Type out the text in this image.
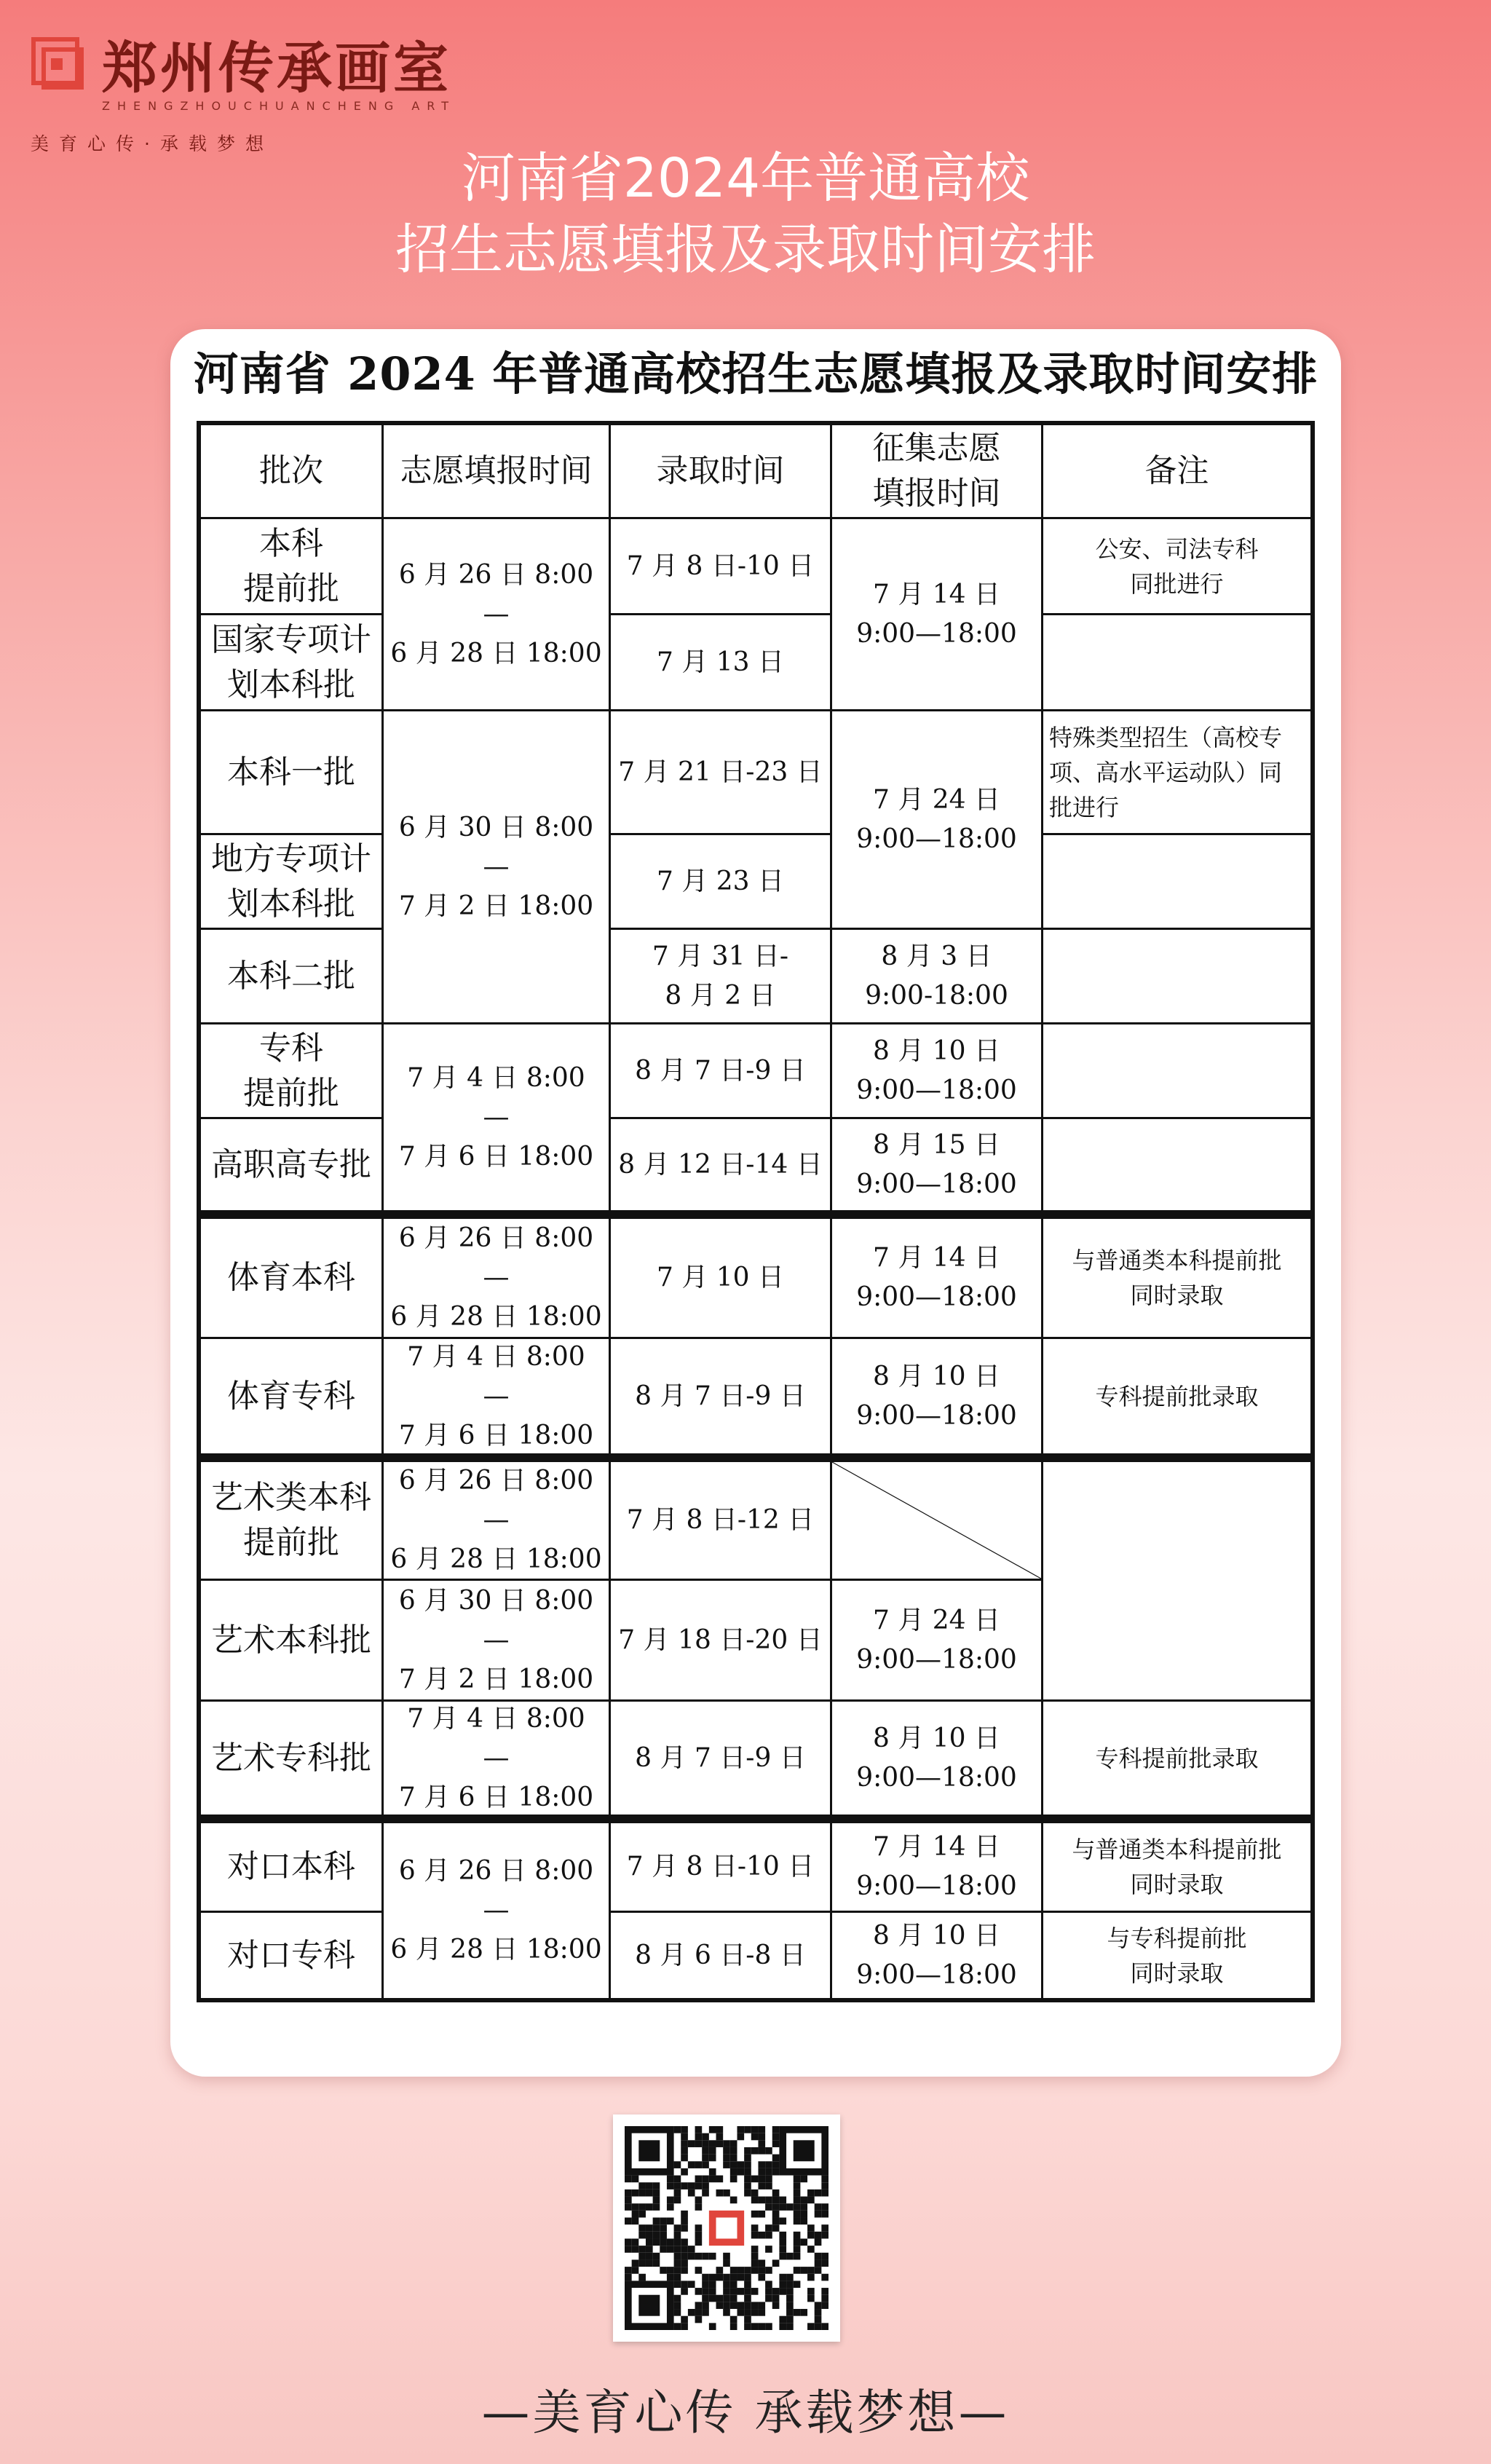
郑州传承画室
ZHENGZHOUCHUANCHENG ART
美育心传·承载梦想
河南省2024年普通高校
招生志愿填报及录取时间安排
河南省 2024 年普通高校招生志愿填报及录取时间安排
批次	志愿填报时间	录取时间
征集志愿
填报时间
备注
本科
提前批
国家专项计
划本科批
本科一批
地方专项计
划本科批
本科二批
专科
提前批
高职高专批
体育本科
体育专科
艺术类本科
提前批
艺术本科批
艺术专科批
对口本科
对口专科
6 月 26 日 8:00
—
6 月 28 日 18:00
6 月 30 日 8:00
—
7 月 2 日 18:00
7 月 4 日 8:00
—
7 月 6 日 18:00
6 月 26 日 8:00
—
6 月 28 日 18:00
7 月 4 日 8:00
—
7 月 6 日 18:00
6 月 26 日 8:00
—
6 月 28 日 18:00
6 月 30 日 8:00
—
7 月 2 日 18:00
7 月 4 日 8:00
—
7 月 6 日 18:00
6 月 26 日 8:00
—
6 月 28 日 18:00
7 月 8 日-10 日
7 月 13 日
7 月 21 日-23 日
7 月 23 日
7 月 31 日-
8 月 2 日
8 月 7 日-9 日
8 月 12 日-14 日
7 月 10 日
8 月 7 日-9 日
7 月 8 日-12 日
7 月 18 日-20 日
8 月 7 日-9 日
7 月 8 日-10 日
8 月 6 日-8 日
7 月 14 日
9:00—18:00
7 月 24 日
9:00—18:00
8 月 3 日
9:00-18:00
8 月 10 日
9:00—18:00
8 月 15 日
9:00—18:00
7 月 14 日
9:00—18:00
8 月 10 日
9:00—18:00
7 月 24 日
9:00—18:00
8 月 10 日
9:00—18:00
7 月 14 日
9:00—18:00
8 月 10 日
9:00—18:00
公安、司法专科
同批进行
特殊类型招生（高校专
项、高水平运动队）同
批进行
与普通类本科提前批
同时录取
专科提前批录取
专科提前批录取
与普通类本科提前批
同时录取
与专科提前批
同时录取
—美育心传 承载梦想—
